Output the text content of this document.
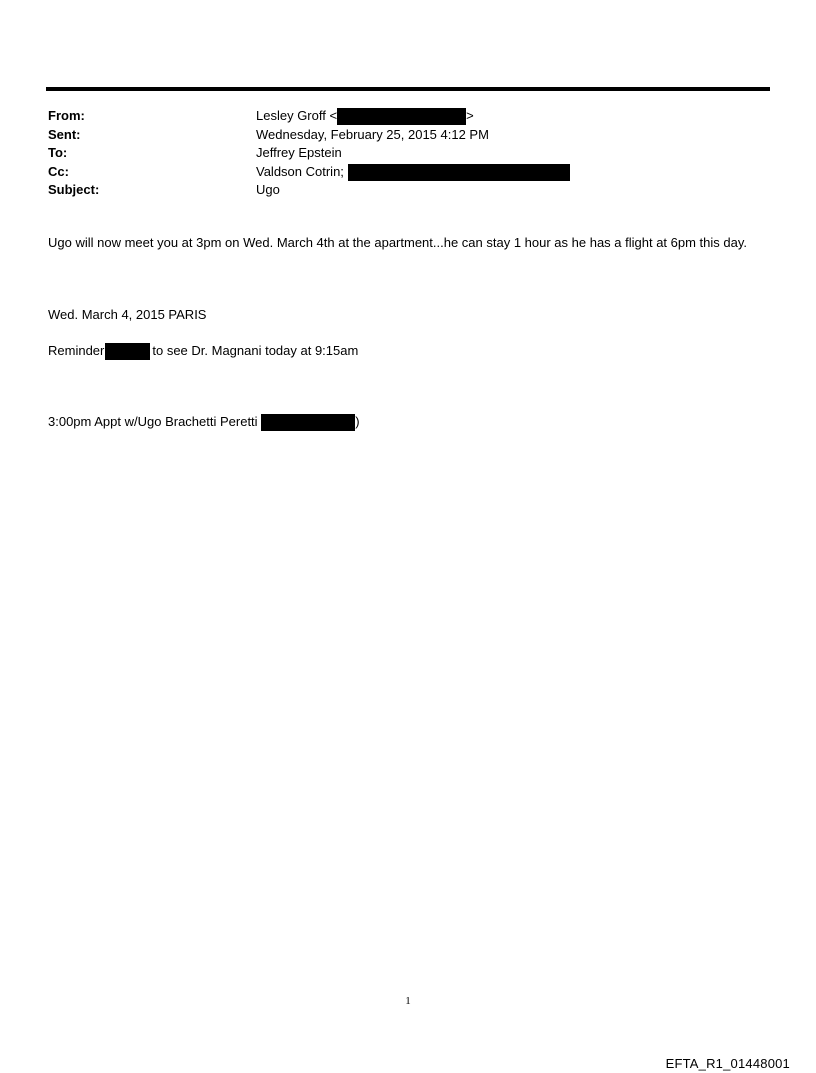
From:	Lesley Groff <	>
Sent:	Wednesday, February 25, 2015 4:12 PM
To:	Jeffrey Epstein
Cc:	Valdson Cotrin;
Subject:	Ugo
Ugo will now meet you at 3pm on Wed. March 4th at the apartment...he can stay 1 hour as he has a flight at 6pm this day.
Wed. March 4, 2015 PARIS
Reminder	to see Dr. Magnani today at 9:15am
3:00pm Appt w/Ugo Brachetti Peretti	)
1
EFTA_R1_01448001
